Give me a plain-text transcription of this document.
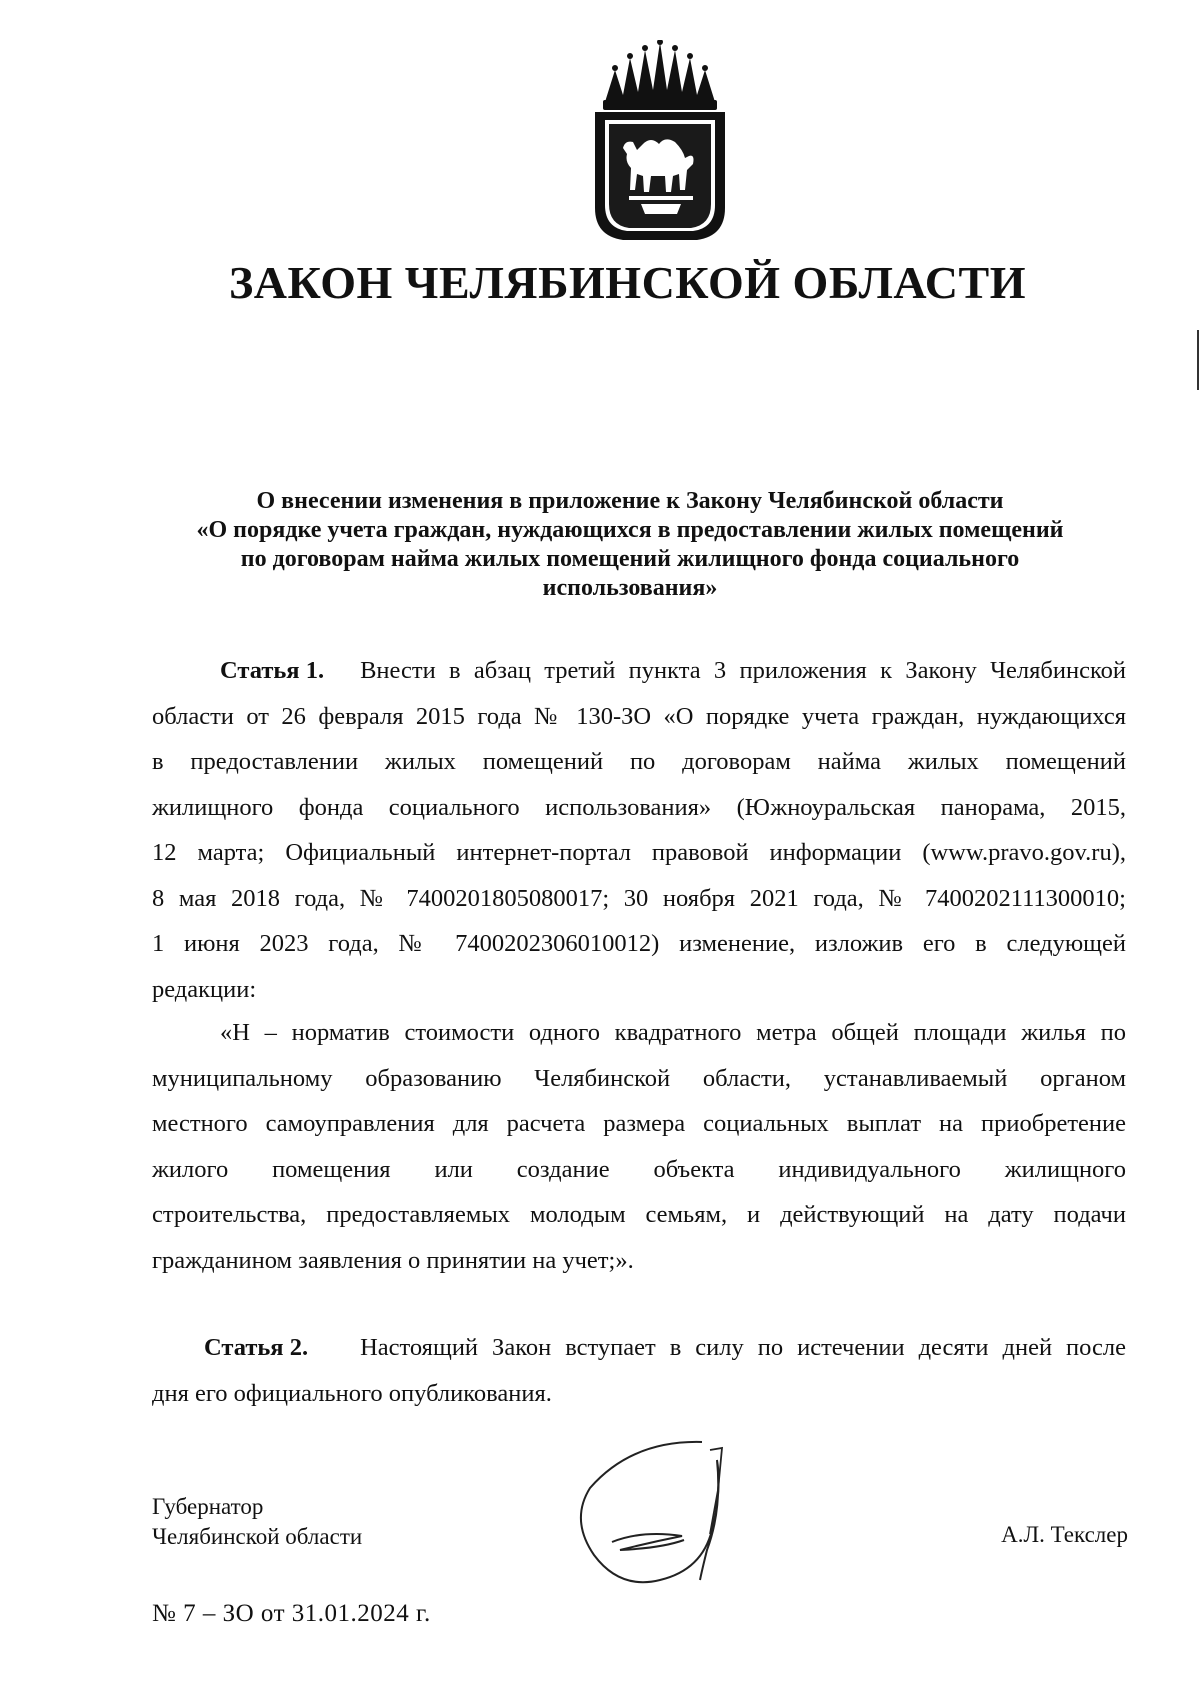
ЗАКОН ЧЕЛЯБИНСКОЙ ОБЛАСТИ
О внесении изменения в приложение к Закону Челябинской области
«О порядке учета граждан, нуждающихся в предоставлении жилых помещений
по договорам найма жилых помещений жилищного фонда социального
использования»
Статья 1. Внести в абзац третий пункта 3 приложения к Закону Челябинской
области от 26 февраля 2015 года № 130-ЗО «О порядке учета граждан, нуждающихся
в предоставлении жилых помещений по договорам найма жилых помещений
жилищного фонда социального использования» (Южноуральская панорама, 2015,
12 марта; Официальный интернет-портал правовой информации (www.pravo.gov.ru),
8 мая 2018 года, № 7400201805080017; 30 ноября 2021 года, № 7400202111300010;
1 июня 2023 года, № 7400202306010012) изменение, изложив его в следующей
редакции:
«Н – норматив стоимости одного квадратного метра общей площади жилья по
муниципальному образованию Челябинской области, устанавливаемый органом
местного самоуправления для расчета размера социальных выплат на приобретение
жилого помещения или создание объекта индивидуального жилищного
строительства, предоставляемых молодым семьям, и действующий на дату подачи
гражданином заявления о принятии на учет;».
Статья 2. Настоящий Закон вступает в силу по истечении десяти дней после
дня его официального опубликования.
Губернатор
Челябинской области	А.Л. Текслер
№ 7 – ЗО от 31.01.2024 г.
